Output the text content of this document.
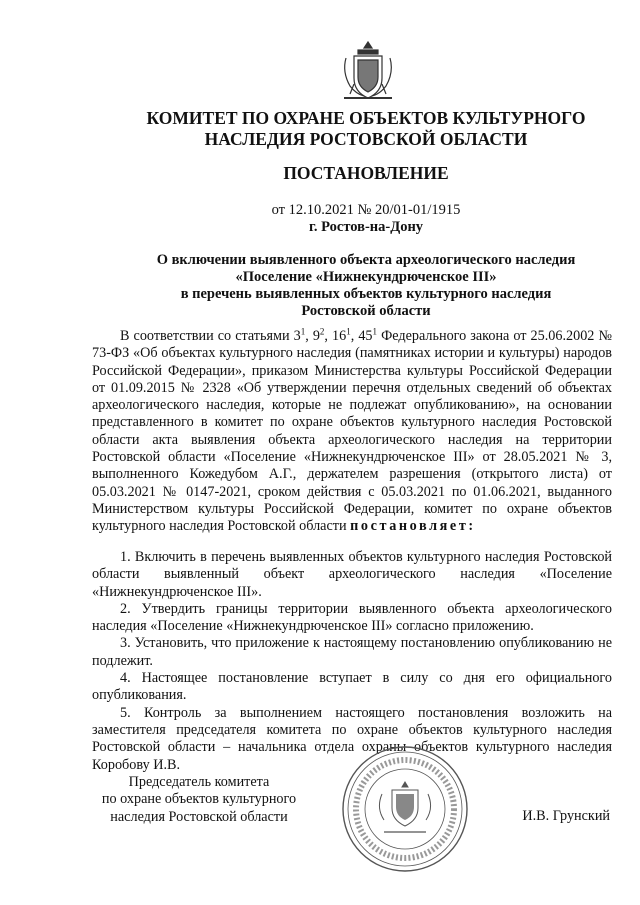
КОМИТЕТ ПО ОХРАНЕ ОБЪЕКТОВ КУЛЬТУРНОГО
НАСЛЕДИЯ РОСТОВСКОЙ ОБЛАСТИ
ПОСТАНОВЛЕНИЕ
от 12.10.2021 № 20/01-01/1915
г. Ростов-на-Дону
О включении выявленного объекта археологического наследия
«Поселение «Нижнекундрюченское III»
в перечень выявленных объектов культурного наследия
Ростовской области

В соответствии со статьями $3^1$, $9^2$, $16^1$, $45^1$ Федерального закона от 25.06.2002 № 73-ФЗ «Об объектах культурного наследия (памятниках истории и культуры) народов Российской Федерации», приказом Министерства культуры Российской Федерации от 01.09.2015 № 2328 «Об утверждении перечня отдельных сведений об объектах археологического наследия, которые не подлежат опубликованию», на основании представленного в комитет по охране объектов культурного наследия Ростовской области акта выявления объекта археологического наследия на территории Ростовской области «Поселение «Нижнекундрюченское III» от 28.05.2021 № 3, выполненного Кожедубом А.Г., держателем разрешения (открытого листа) от 05.03.2021 № 0147-2021, сроком действия с 05.03.2021 по 01.06.2021, выданного Министерством культуры Российской Федерации, комитет по охране объектов культурного наследия Ростовской области постановляет:

1. Включить в перечень выявленных объектов культурного наследия Ростовской области выявленный объект археологического наследия «Поселение «Нижнекундрюченское III».

2. Утвердить границы территории выявленного объекта археологического наследия «Поселение «Нижнекундрюченское III» согласно приложению.

3. Установить, что приложение к настоящему постановлению опубликованию не подлежит.

4. Настоящее постановление вступает в силу со дня его официального опубликования.

5. Контроль за выполнением настоящего постановления возложить на заместителя председателя комитета по охране объектов культурного наследия Ростовской области – начальника отдела охраны объектов культурного наследия Коробову И.В.

Председатель комитета
по охране объектов культурного
наследия Ростовской области	И.В. Грунский
